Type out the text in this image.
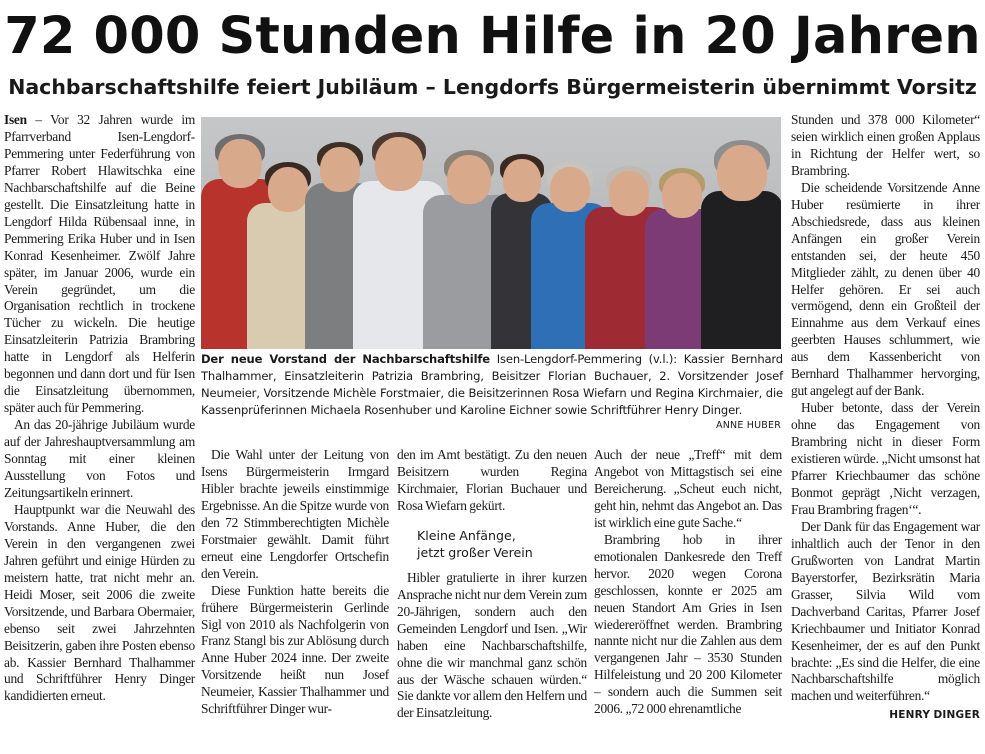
72 000 Stunden Hilfe in 20 Jahren
Nachbarschaftshilfe feiert Jubiläum – Lengdorfs Bürgermeisterin übernimmt Vorsitz

Isen – Vor 32 Jahren wurde im Pfarrverband Isen-Lengdorf-Pemmering unter Federführung von Pfarrer Robert Hlawitschka eine Nachbarschaftshilfe auf die Beine gestellt. Die Einsatzleitung hatte in Lengdorf Hilda Rübensaal inne, in Pemmering Erika Huber und in Isen Konrad Kesenheimer. Zwölf Jahre später, im Januar 2006, wurde ein Verein gegründet, um die Organisation rechtlich in trockene Tücher zu wickeln. Die heutige Einsatzleiterin Patrizia Brambring hatte in Lengdorf als Helferin begonnen und dann dort und für Isen die Einsatzleitung übernommen, später auch für Pemmering.

An das 20-jährige Jubiläum wurde auf der Jahreshauptversammlung am Sonntag mit einer kleinen Ausstellung von Fotos und Zeitungsartikeln erinnert.

Hauptpunkt war die Neuwahl des Vorstands. Anne Huber, die den Verein in den vergangenen zwei Jahren geführt und einige Hürden zu meistern hatte, trat nicht mehr an. Heidi Moser, seit 2006 die zweite Vorsitzende, und Barbara Obermaier, ebenso seit zwei Jahrzehnten Beisitzerin, gaben ihre Posten ebenso ab. Kassier Bernhard Thalhammer und Schriftführer Henry Dinger kandidierten erneut.

Der neue Vorstand der Nachbarschaftshilfe Isen-Lengdorf-Pemmering (v.l.): Kassier Bernhard Thalhammer, Einsatzleiterin Patrizia Brambring, Beisitzer Florian Buchauer, 2. Vorsitzender Josef Neumeier, Vorsitzende Michèle Forstmaier, die Beisitzerinnen Rosa Wiefarn und Regina Kirchmaier, die Kassenprüferinnen Michaela Rosenhuber und Karoline Eichner sowie Schriftführer Henry Dinger.
ANNE HUBER

Die Wahl unter der Leitung von Isens Bürgermeisterin Irmgard Hibler brachte jeweils einstimmige Ergebnisse. An die Spitze wurde von den 72 Stimmberechtigten Michèle Forstmaier gewählt. Damit führt erneut eine Lengdorfer Ortschefin den Verein.

Diese Funktion hatte bereits die frühere Bürgermeisterin Gerlinde Sigl von 2010 als Nachfolgerin von Franz Stangl bis zur Ablösung durch Anne Huber 2024 inne. Der zweite Vorsitzende heißt nun Josef Neumeier, Kassier Thalhammer und Schriftführer Dinger wur-

den im Amt bestätigt. Zu den neuen Beisitzern wurden Regina Kirchmaier, Florian Buchauer und Rosa Wiefarn gekürt.

Kleine Anfänge,
jetzt großer Verein

Hibler gratulierte in ihrer kurzen Ansprache nicht nur dem Verein zum 20-Jährigen, sondern auch den Gemeinden Lengdorf und Isen. „Wir haben eine Nachbarschaftshilfe, ohne die wir manchmal ganz schön aus der Wäsche schauen würden.“ Sie dankte vor allem den Helfern und der Einsatzleitung.

Auch der neue „Treff“ mit dem Angebot von Mittagstisch sei eine Bereicherung. „Scheut euch nicht, geht hin, nehmt das Angebot an. Das ist wirklich eine gute Sache.“

Brambring hob in ihrer emotionalen Dankesrede den Treff hervor. 2020 wegen Corona geschlossen, konnte er 2025 am neuen Standort Am Gries in Isen wiedereröffnet werden. Brambring nannte nicht nur die Zahlen aus dem vergangenen Jahr – 3530 Stunden Hilfeleistung und 20 200 Kilometer – sondern auch die Summen seit 2006. „72 000 ehrenamtliche

Stunden und 378 000 Kilometer“ seien wirklich einen großen Applaus in Richtung der Helfer wert, so Brambring.

Die scheidende Vorsitzende Anne Huber resümierte in ihrer Abschiedsrede, dass aus kleinen Anfängen ein großer Verein entstanden sei, der heute 450 Mitglieder zählt, zu denen über 40 Helfer gehören. Er sei auch vermögend, denn ein Großteil der Einnahme aus dem Verkauf eines geerbten Hauses schlummert, wie aus dem Kassenbericht von Bernhard Thalhammer hervorging, gut angelegt auf der Bank.

Huber betonte, dass der Verein ohne das Engagement von Brambring nicht in dieser Form existieren würde. „Nicht umsonst hat Pfarrer Kriechbaumer das schöne Bonmot geprägt ‚Nicht verzagen, Frau Brambring fragen‘“.

Der Dank für das Engagement war inhaltlich auch der Tenor in den Grußworten von Landrat Martin Bayerstorfer, Bezirksrätin Maria Grasser, Silvia Wild vom Dachverband Caritas, Pfarrer Josef Kriechbaumer und Initiator Konrad Kesenheimer, der es auf den Punkt brachte: „Es sind die Helfer, die eine Nachbarschaftshilfe möglich machen und weiterführen.“
HENRY DINGER
